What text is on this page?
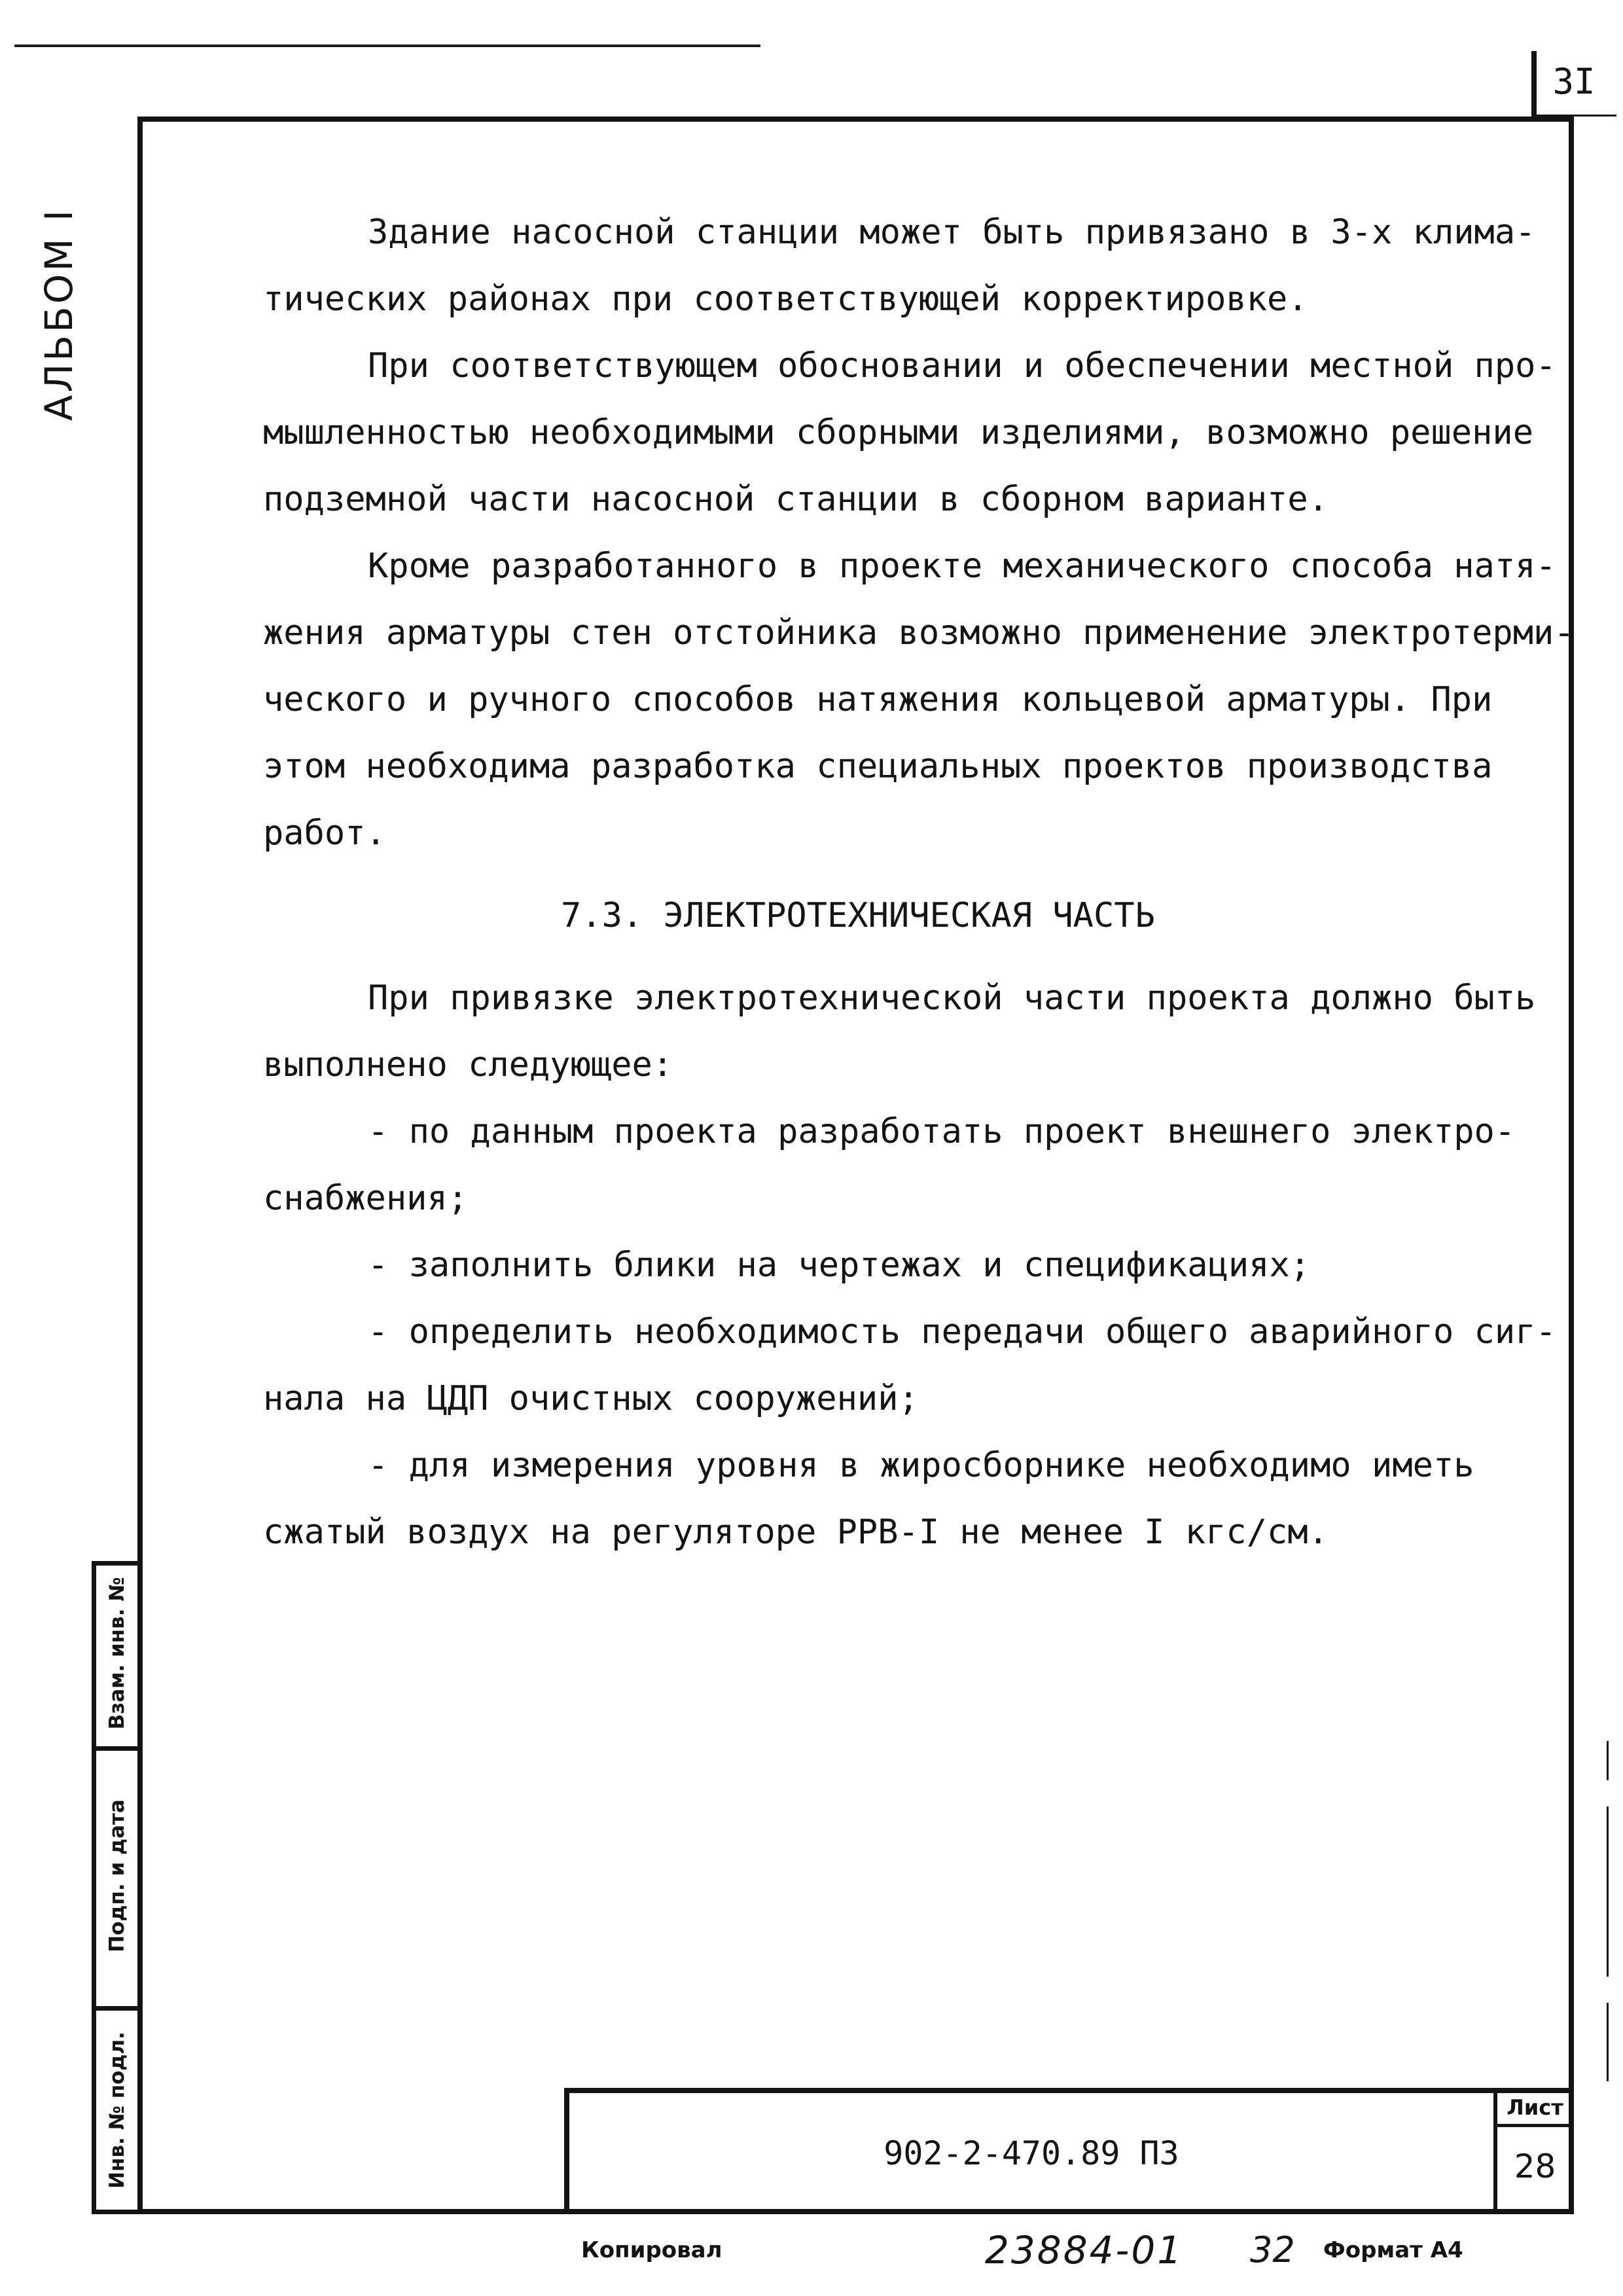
3I
АЛЬБОМ I
Взам. инв. №
Подп. и дата
Инв. № подл.
Здание насосной станции может быть привязано в 3-х клима-
тических районах при соответствующей корректировке.
При соответствующем обосновании и обеспечении местной про-
мышленностью необходимыми сборными изделиями, возможно решение
подземной части насосной станции в сборном варианте.
Кроме разработанного в проекте механического способа натя-
жения арматуры стен отстойника возможно применение электротерми-
ческого и ручного способов натяжения кольцевой арматуры. При
этом необходима разработка специальных проектов производства
работ.
7.3. ЭЛЕКТРОТЕХНИЧЕСКАЯ ЧАСТЬ
При привязке электротехнической части проекта должно быть
выполнено следующее:
- по данным проекта разработать проект внешнего электро-
снабжения;
- заполнить блики на чертежах и спецификациях;
- определить необходимость передачи общего аварийного сиг-
нала на ЦДП очистных сооружений;
- для измерения уровня в жиросборнике необходимо иметь
сжатый воздух на регуляторе РРВ-I не менее I кгс/см.
902-2-470.89 ПЗ
Лист
28
Копировал	23884-01 32 Формат А4
